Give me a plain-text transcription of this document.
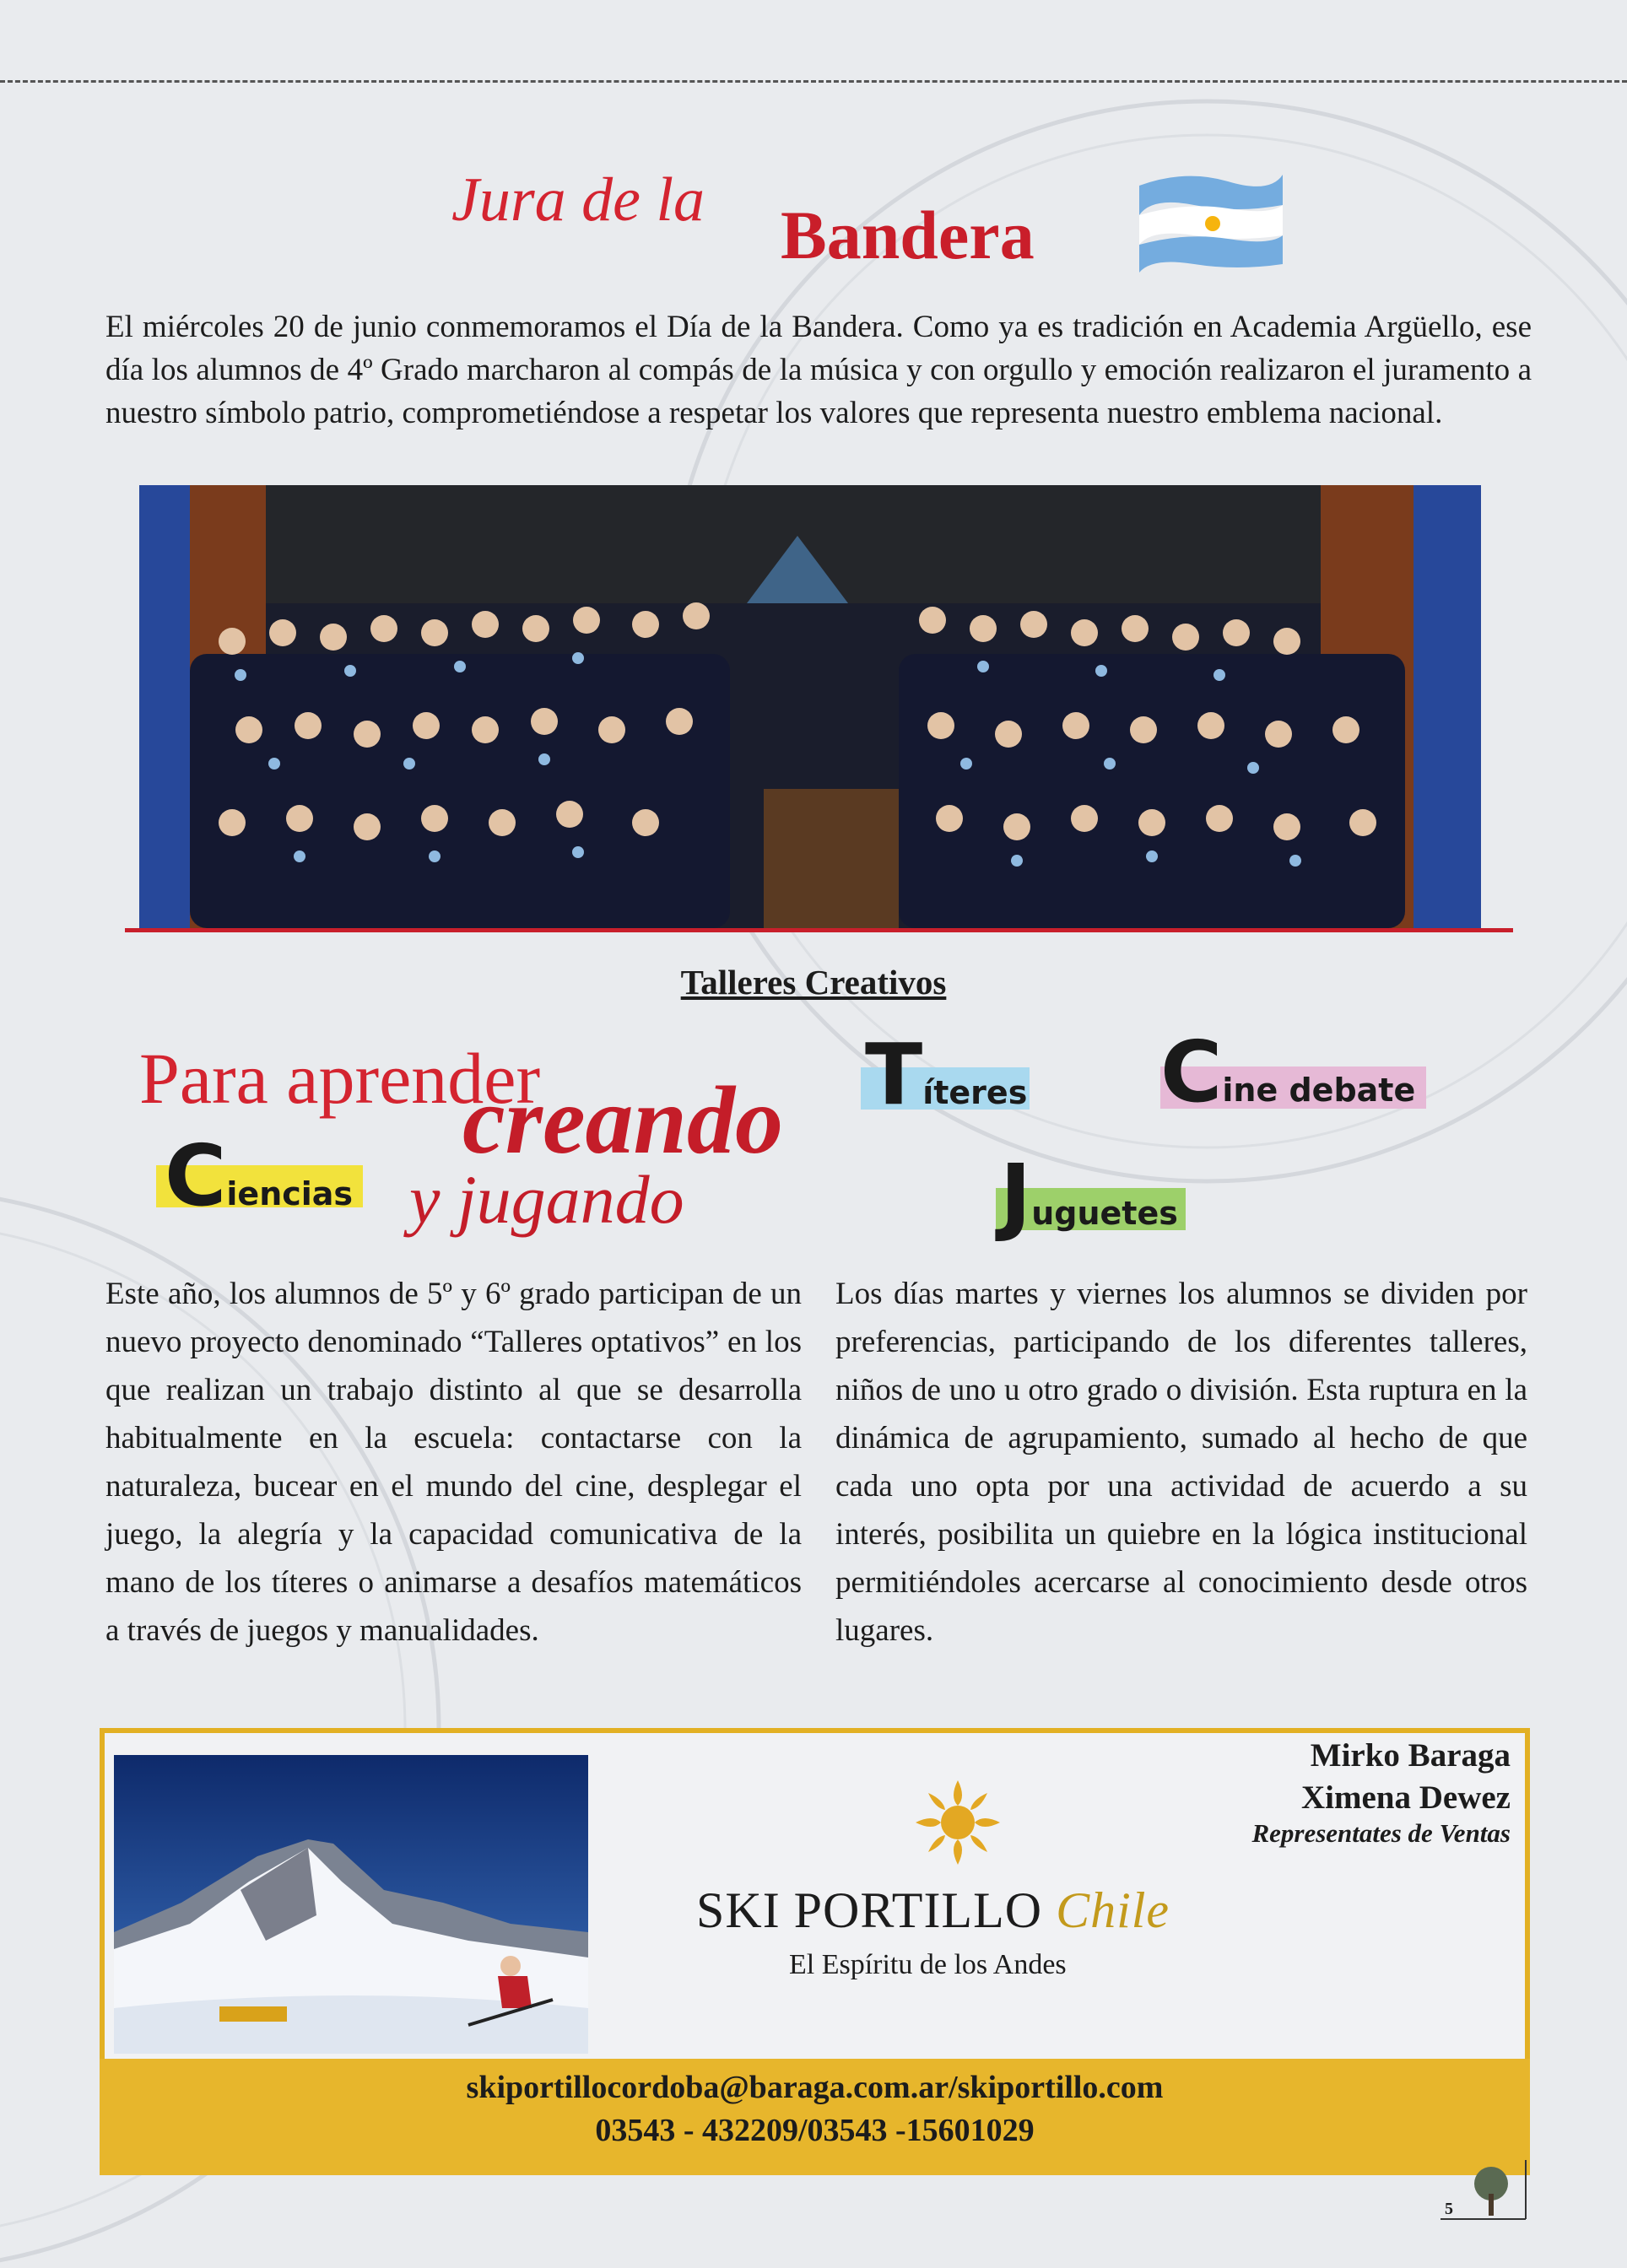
Jura de la Bandera

El miércoles 20 de junio conmemoramos el Día de la Bandera. Como ya es tradición en Academia Argüello, ese día los alumnos de 4º Grado marcharon al compás de la música y con orgullo y emoción realizaron el juramento a nuestro símbolo patrio, comprometiéndose a respetar los valores que representa nuestro emblema nacional.

Talleres Creativos
Para aprender
creando
y jugando
Ciencias
Títeres Cine debate
Juguetes

Este año, los alumnos de 5º y 6º grado participan de un nuevo proyecto denominado “Talleres optativos” en los que realizan un trabajo distinto al que se desarrolla habitualmente en la escuela: contactarse con la naturaleza, bucear en el mundo del cine, desplegar el juego, la alegría y la capacidad comunicativa de la mano de los títeres o animarse a desafíos matemáticos a través de juegos y manualidades.

Los días martes y viernes los alumnos se dividen por preferencias, participando de los diferentes talleres, niños de uno u otro grado o división. Esta ruptura en la dinámica de agrupamiento, sumado al hecho de que cada uno opta por una actividad de acuerdo a su interés, posibilita un quiebre en la lógica institucional permitiéndoles acercarse al conocimiento desde otros lugares.

Mirko Baraga
Ximena Dewez
Representates de Ventas
SKI PORTILLO Chile
El Espíritu de los Andes
skiportillocordoba@baraga.com.ar/skiportillo.com
03543 - 432209/03543 -15601029
5
